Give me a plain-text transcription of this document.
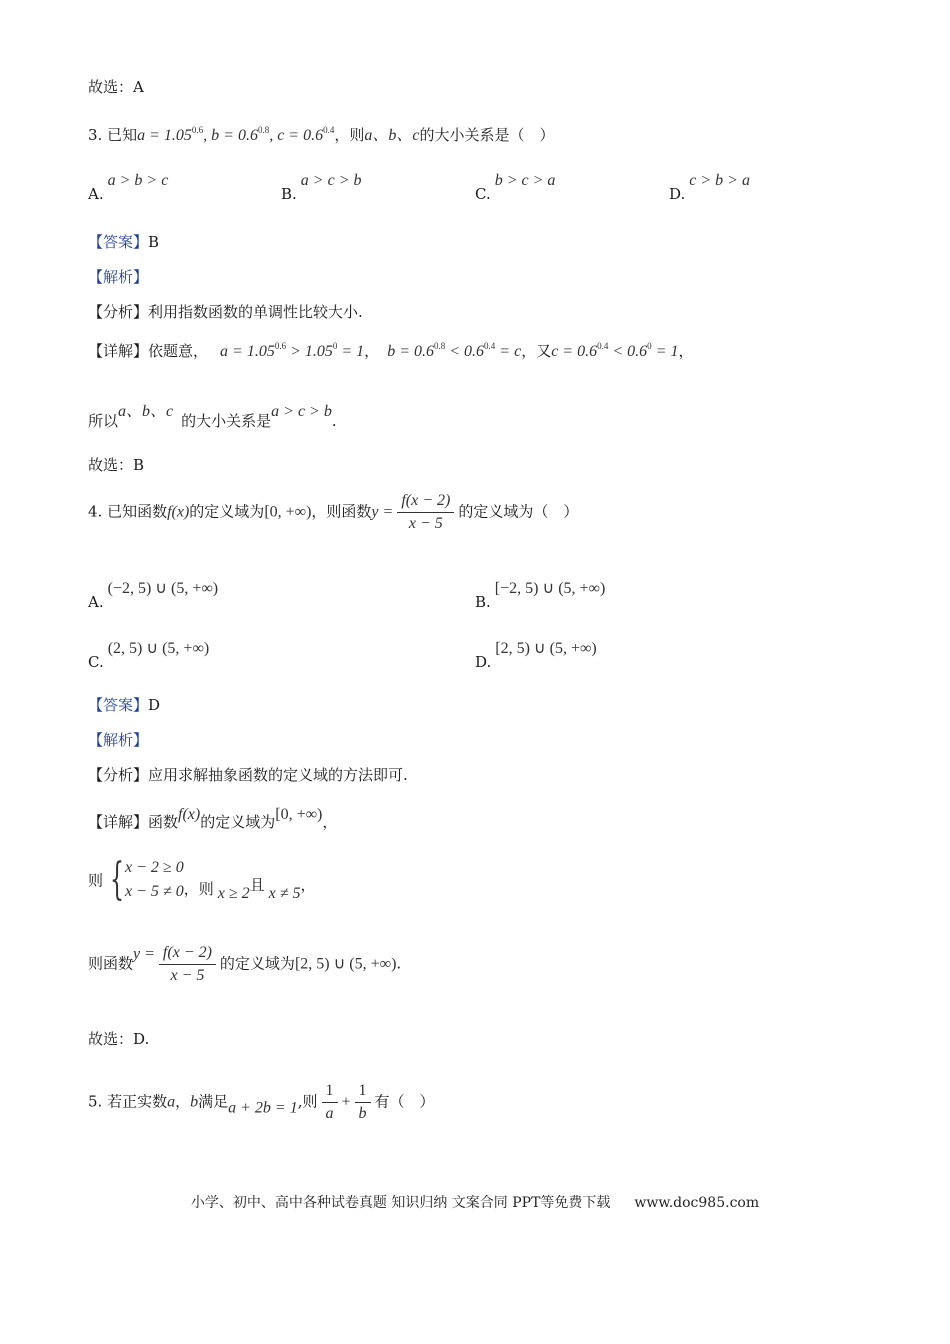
故选：A
3. 已知$a = 1.05^{0.6}$, $b = 0.6^{0.8}$, $c = 0.6^{0.4}$，则a、b、c的大小关系是（　）
A.a > b > c
B.a > c > b
C.b > c > a
D.c > b > a
【答案】B
【解析】
【分析】利用指数函数的单调性比较大小.
【详解】依题意， $a = 1.05^{0.6} > 1.05^0 = 1$， $b = 0.6^{0.8} < 0.6^{0.4} = c$，又$c = 0.6^{0.4} < 0.6^0 = 1$，
所以a、b、c的大小关系是a > c > b.
故选：B
4. 已知函数f(x)的定义域为[0, +∞)，则函数$y = \frac{f(x - 2)}{x - 5}$ 的定义域为（　）
A.(−2, 5) ∪ (5, +∞)
B.[−2, 5) ∪ (5, +∞)
C.(2, 5) ∪ (5, +∞)
D.[2, 5) ∪ (5, +∞)
【答案】D
【解析】
【分析】应用求解抽象函数的定义域的方法即可.
【详解】函数f(x)的定义域为[0, +∞)，
则 { x − 2 ≥ 0
x − 5 ≠ 0 ，则 x ≥ 2且 x ≠ 5，
则函数$y = \frac{f(x - 2)}{x - 5}$ 的定义域为[2, 5) ∪ (5, +∞).
故选：D.
5. 若正实数a，b满足a + 2b = 1,则 $\frac{1}{a} + \frac{1}{b}$ 有（　）
小学、初中、高中各种试卷真题 知识归纳 文案合同 PPT等免费下载 www.doc985.com
